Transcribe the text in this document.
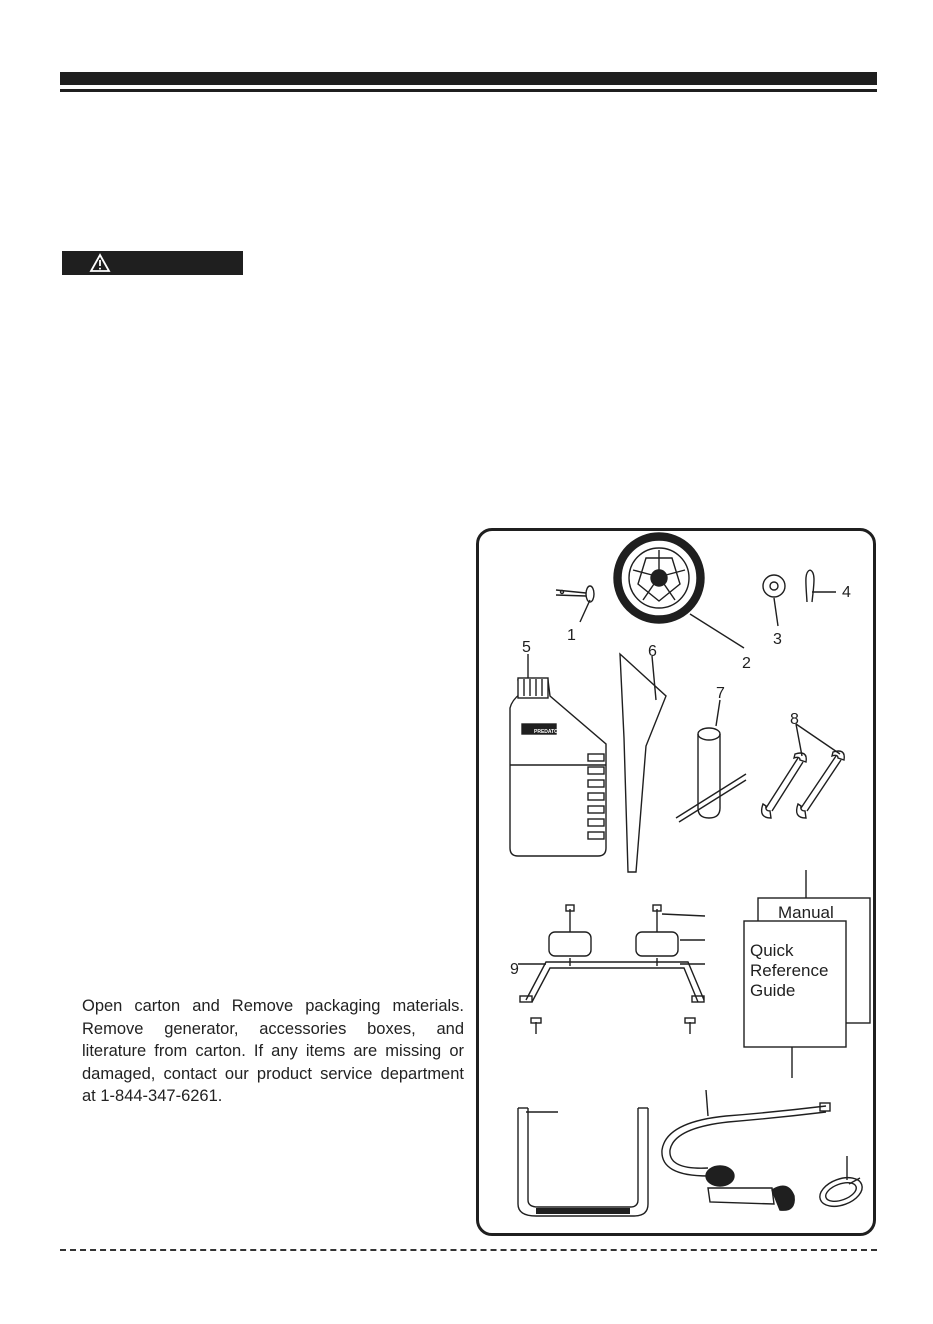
Open carton and Remove packaging materials. Remove generator, accessories boxes, and literature from carton. If any items are missing or damaged, contact our product service department at 1-844-347-6261.
1
2
3
4
5	6
7
8
9
PREDATOR
Manual
Quick
Reference
Guide
